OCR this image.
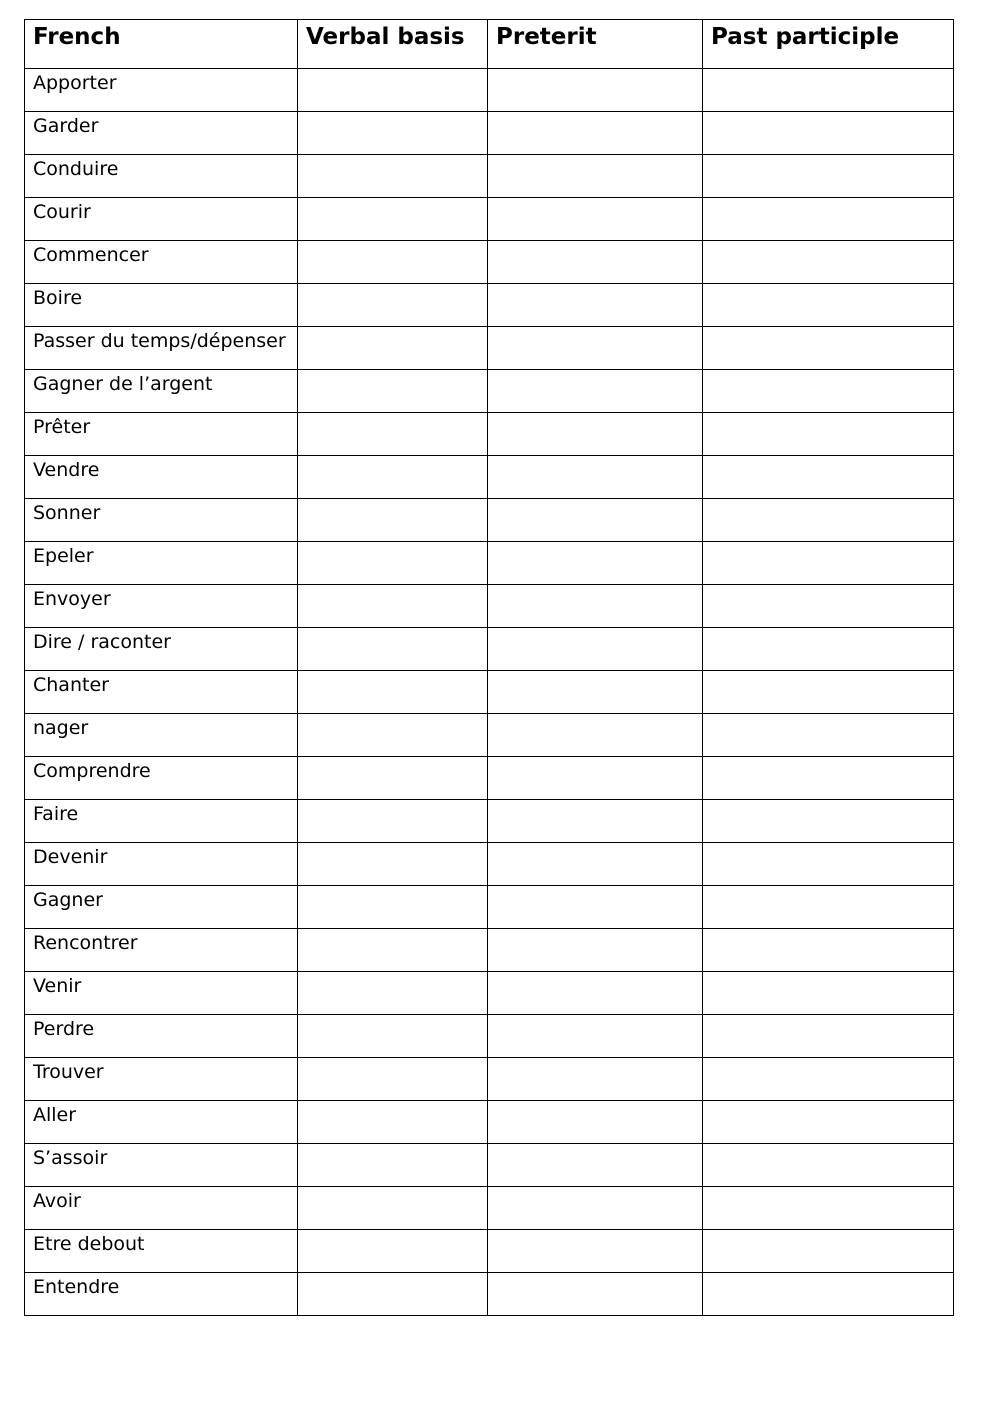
French	Verbal basis	Preterit	Past participle
Apporter			
Garder			
Conduire			
Courir			
Commencer			
Boire			
Passer du temps/dépenser			
Gagner de l’argent			
Prêter			
Vendre			
Sonner			
Epeler			
Envoyer			
Dire / raconter			
Chanter			
nager			
Comprendre			
Faire			
Devenir			
Gagner			
Rencontrer			
Venir			
Perdre			
Trouver			
Aller			
S’assoir			
Avoir			
Etre debout			
Entendre			
